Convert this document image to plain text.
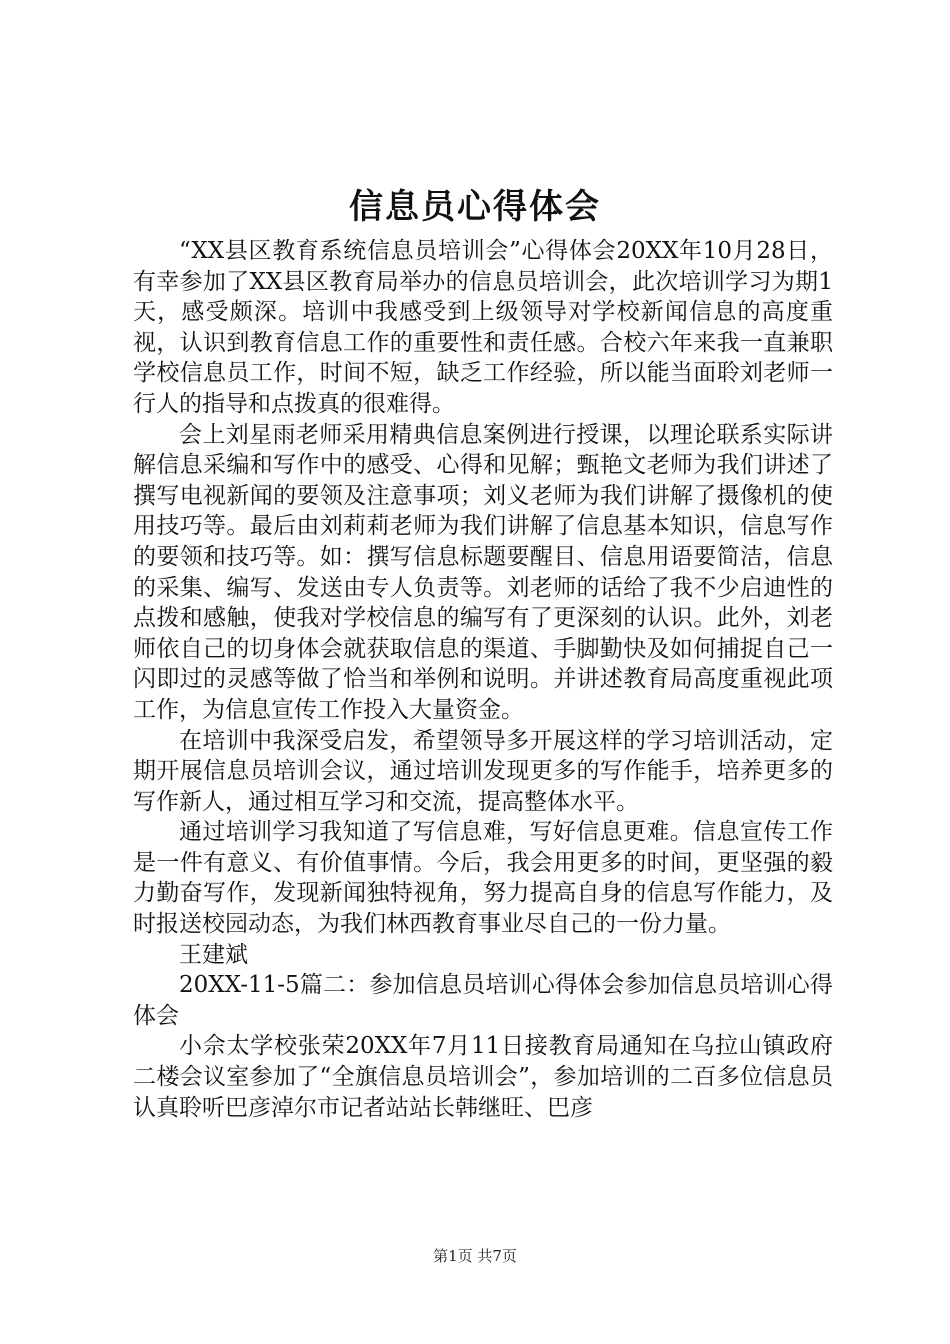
信息员心得体会

“XX县区教育系统信息员培训会”心得体会20XX年10月28日，有幸参加了XX县区教育局举办的信息员培训会，此次培训学习为期1天，感受颇深。培训中我感受到上级领导对学校新闻信息的高度重视，认识到教育信息工作的重要性和责任感。合校六年来我一直兼职学校信息员工作，时间不短，缺乏工作经验，所以能当面聆刘老师一行人的指导和点拨真的很难得。

会上刘星雨老师采用精典信息案例进行授课，以理论联系实际讲解信息采编和写作中的感受、心得和见解；甄艳文老师为我们讲述了撰写电视新闻的要领及注意事项；刘义老师为我们讲解了摄像机的使用技巧等。最后由刘莉莉老师为我们讲解了信息基本知识，信息写作的要领和技巧等。如：撰写信息标题要醒目、信息用语要简洁，信息的采集、编写、发送由专人负责等。刘老师的话给了我不少启迪性的点拨和感触，使我对学校信息的编写有了更深刻的认识。此外，刘老师依自己的切身体会就获取信息的渠道、手脚勤快及如何捕捉自己一闪即过的灵感等做了恰当和举例和说明。并讲述教育局高度重视此项工作，为信息宣传工作投入大量资金。

在培训中我深受启发，希望领导多开展这样的学习培训活动，定期开展信息员培训会议，通过培训发现更多的写作能手，培养更多的写作新人，通过相互学习和交流，提高整体水平。

通过培训学习我知道了写信息难，写好信息更难。信息宣传工作是一件有意义、有价值事情。今后，我会用更多的时间，更坚强的毅力勤奋写作，发现新闻独特视角，努力提高自身的信息写作能力，及时报送校园动态，为我们林西教育事业尽自己的一份力量。

王建斌

20XX-11-5篇二：参加信息员培训心得体会参加信息员培训心得体会

小佘太学校张荣20XX年7月11日接教育局通知在乌拉山镇政府二楼会议室参加了“全旗信息员培训会”，参加培训的二百多位信息员认真聆听巴彦淖尔市记者站站长韩继旺、巴彦

第1页 共7页
